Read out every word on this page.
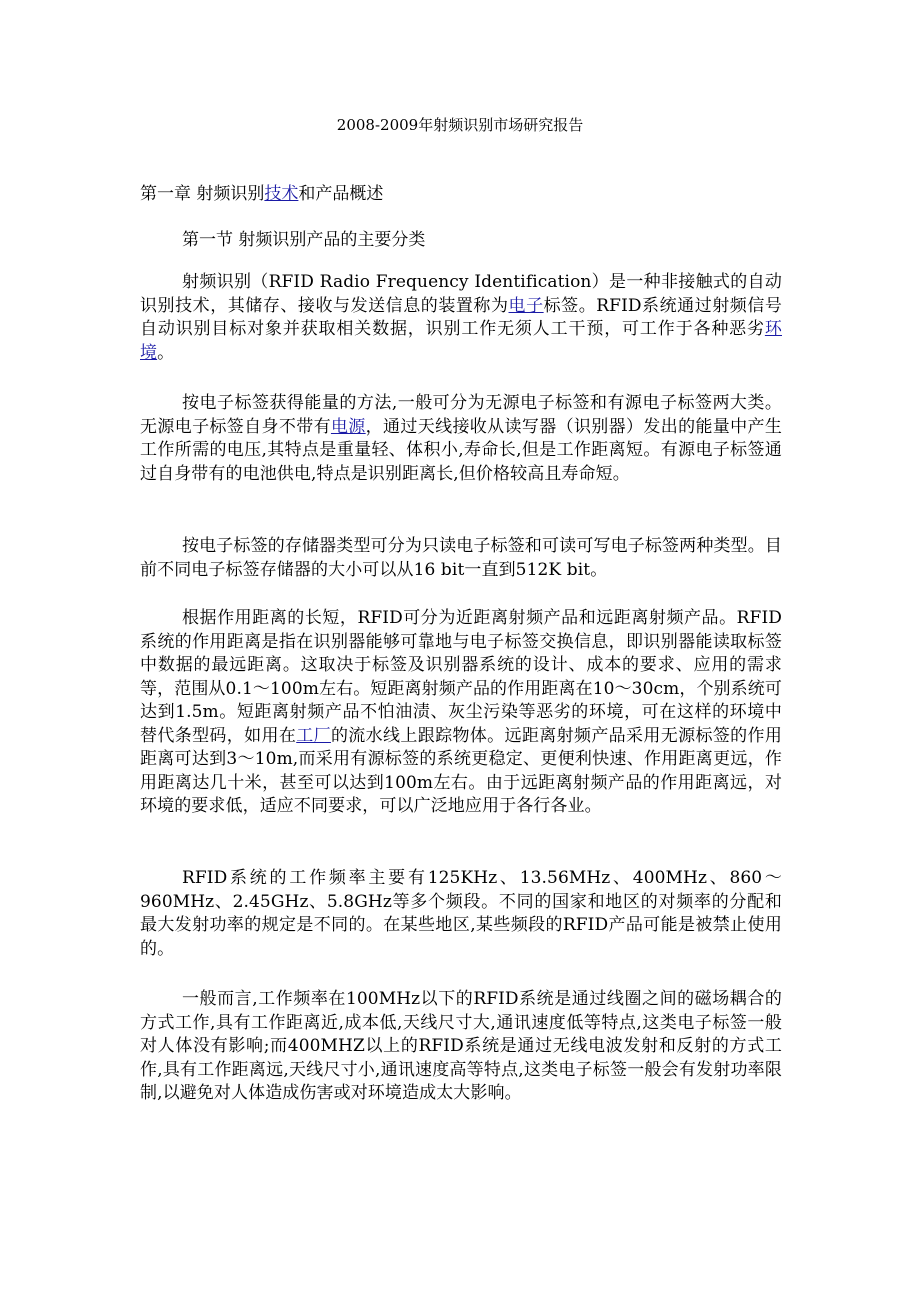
2008-2009年射频识别市场研究报告
第一章 射频识别技术和产品概述
第一节 射频识别产品的主要分类
射频识别（RFID Radio Frequency Identification）是一种非接触式的自动识别技术，其储存、接收与发送信息的装置称为电子标签。RFID系统通过射频信号自动识别目标对象并获取相关数据，识别工作无须人工干预，可工作于各种恶劣环境。
按电子标签获得能量的方法,一般可分为无源电子标签和有源电子标签两大类。无源电子标签自身不带有电源，通过天线接收从读写器（识别器）发出的能量中产生工作所需的电压,其特点是重量轻、体积小,寿命长,但是工作距离短。有源电子标签通过自身带有的电池供电,特点是识别距离长,但价格较高且寿命短。
按电子标签的存储器类型可分为只读电子标签和可读可写电子标签两种类型。目前不同电子标签存储器的大小可以从16 bit一直到512K bit。
根据作用距离的长短，RFID可分为近距离射频产品和远距离射频产品。RFID系统的作用距离是指在识别器能够可靠地与电子标签交换信息，即识别器能读取标签中数据的最远距离。这取决于标签及识别器系统的设计、成本的要求、应用的需求等，范围从0.1～100m左右。短距离射频产品的作用距离在10～30cm，个别系统可达到1.5m。短距离射频产品不怕油渍、灰尘污染等恶劣的环境，可在这样的环境中替代条型码，如用在工厂的流水线上跟踪物体。远距离射频产品采用无源标签的作用距离可达到3～10m,而采用有源标签的系统更稳定、更便利快速、作用距离更远，作用距离达几十米，甚至可以达到100m左右。由于远距离射频产品的作用距离远，对环境的要求低，适应不同要求，可以广泛地应用于各行各业。
RFID系统的工作频率主要有125KHz、13.56MHz、400MHz、860～960MHz、2.45GHz、5.8GHz等多个频段。不同的国家和地区的对频率的分配和最大发射功率的规定是不同的。在某些地区,某些频段的RFID产品可能是被禁止使用的。
一般而言,工作频率在100MHz以下的RFID系统是通过线圈之间的磁场耦合的方式工作,具有工作距离近,成本低,天线尺寸大,通讯速度低等特点,这类电子标签一般对人体没有影响;而400MHZ以上的RFID系统是通过无线电波发射和反射的方式工作,具有工作距离远,天线尺寸小,通讯速度高等特点,这类电子标签一般会有发射功率限制,以避免对人体造成伤害或对环境造成太大影响。
